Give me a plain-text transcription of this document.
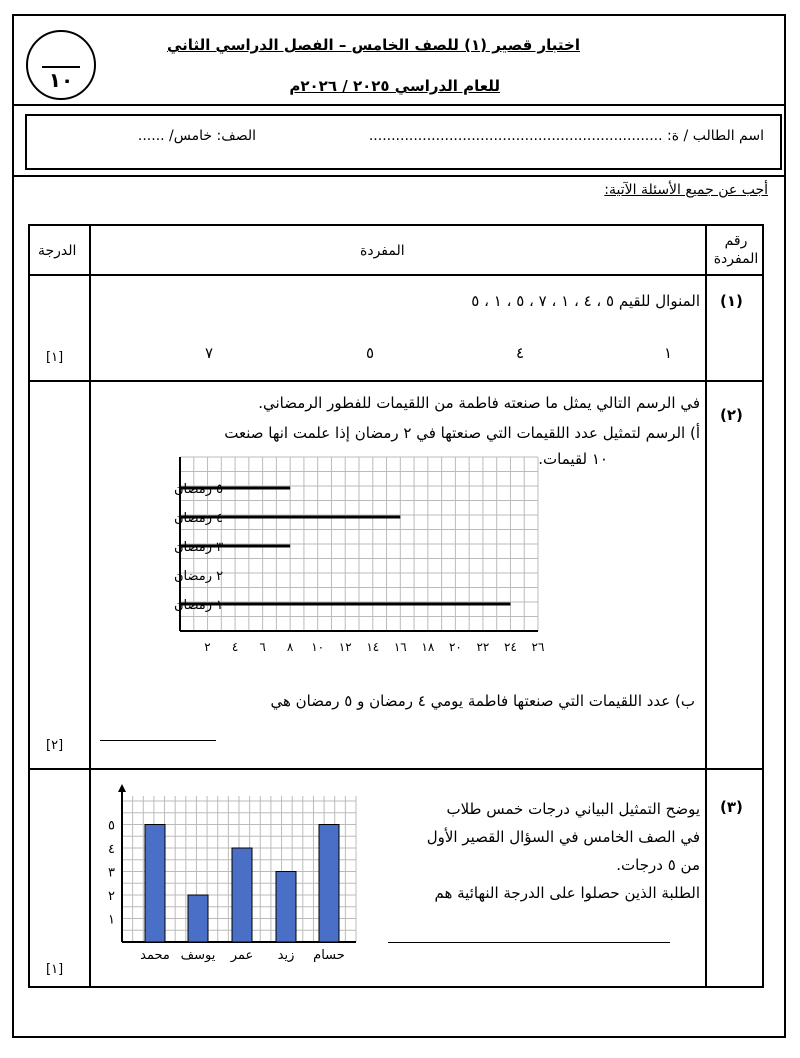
١٠
اختبار قصير (١) للصف الخامس – الفصل الدراسي الثاني
للعام الدراسي ٢٠٢٥ / ٢٠٢٦م
اسم الطالب / ة: ..................................................................
الصف: خامس/ ......
أجب عن جميع الأسئلة الآتية:
رقم
المفردة
المفردة
الدرجة
(١)
المنوال للقيم ٥ ، ٤ ، ١ ، ٧ ، ٥ ، ١ ، ٥
١
٤
٥
٧
[١]
(٢)
في الرسم التالي يمثل ما صنعته فاطمة من اللقيمات للفطور الرمضاني.
أ) الرسم لتمثيل عدد اللقيمات التي صنعتها في ٢ رمضان إذا علمت انها صنعت
١٠ لقيمات.
٥ رمضان
٤ رمضان
٣ رمضان
٢ رمضان
١ رمضان
٢ ٤ ٦ ٨ ١٠ ١٢ ١٤ ١٦ ١٨ ٢٠ ٢٢ ٢٤ ٢٦
ب) عدد اللقيمات التي صنعتها فاطمة يومي ٤ رمضان و ٥ رمضان هي
[٢]
(٣)
يوضح التمثيل البياني درجات خمس طلاب
في الصف الخامس في السؤال القصير الأول
من ٥ درجات.
الطلبة الذين حصلوا على الدرجة النهائية هم
محمد يوسف عمر زيد حسام
١
٢
٣
٤
٥
[١]
